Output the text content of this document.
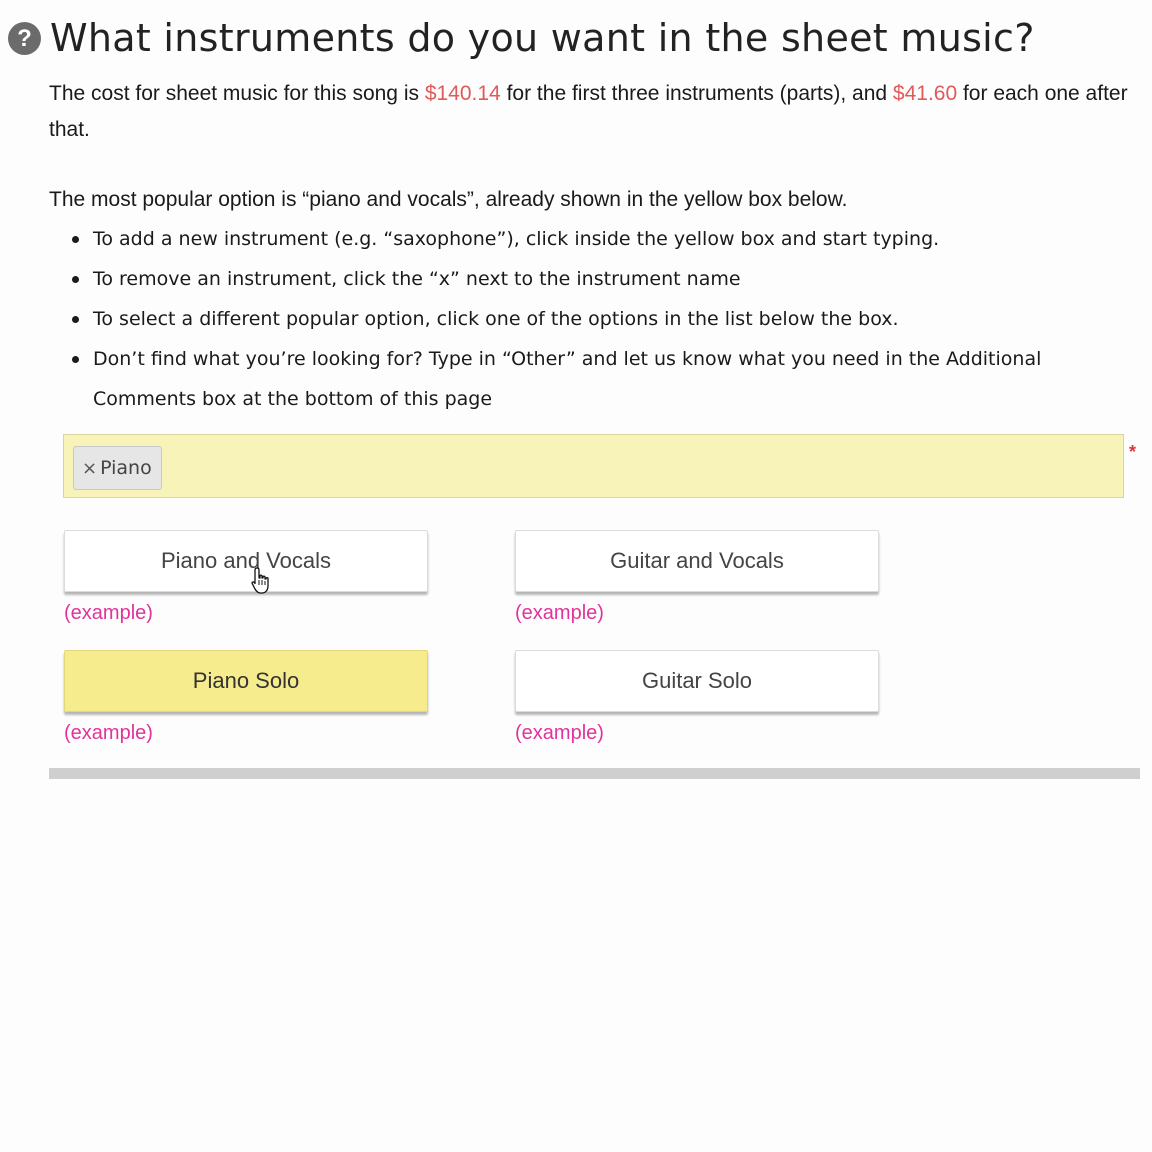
? What instruments do you want in the sheet music?
The cost for sheet music for this song is $140.14 for the first three instruments (parts), and $41.60 for each one after that.
The most popular option is “piano and vocals”, already shown in the yellow box below.
To add a new instrument (e.g. “saxophone”), click inside the yellow box and start typing.
To remove an instrument, click the “x” next to the instrument name
To select a different popular option, click one of the options in the list below the box.
Don’t find what you’re looking for? Type in “Other” and let us know what you need in the Additional Comments box at the bottom of this page
× Piano
*
Piano and Vocals
(example)
Guitar and Vocals
(example)
Piano Solo
(example)
Guitar Solo
(example)
